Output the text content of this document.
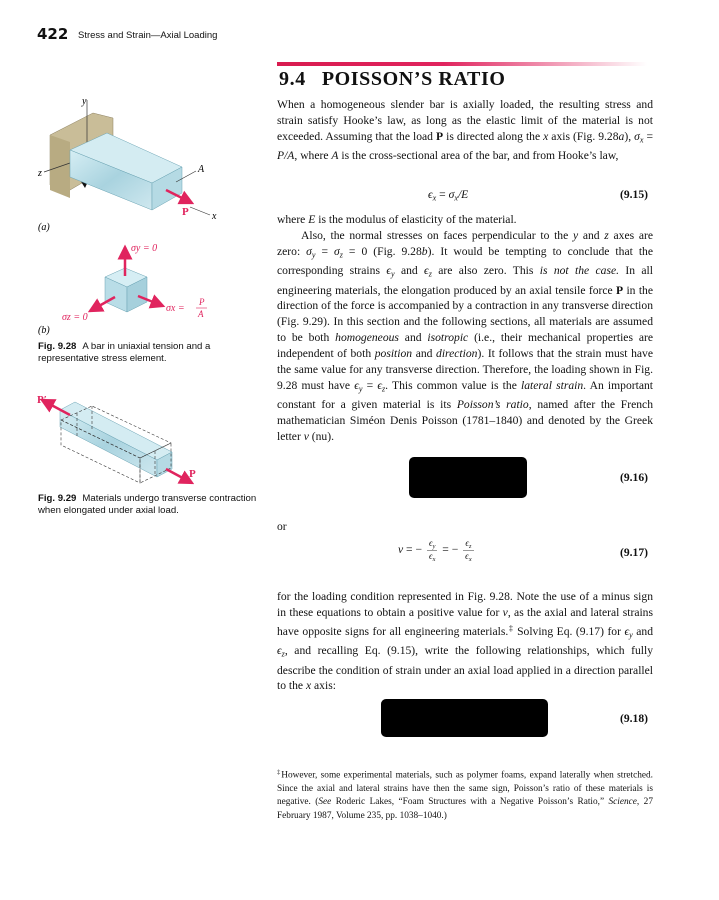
422 Stress and Strain—Axial Loading
9.4 POISSON’S RATIO
When a homogeneous slender bar is axially loaded, the resulting stress and strain satisfy Hooke’s law, as long as the elastic limit of the material is not exceeded. Assuming that the load P is directed along the x axis (Fig. 9.28a), $\sigma_x = P/A$, where A is the cross-sectional area of the bar, and from Hooke’s law,
$\epsilon_x = \sigma_x/E$	(9.15)
where E is the modulus of elasticity of the material.
Also, the normal stresses on faces perpendicular to the y and z axes are zero: $\sigma_y = \sigma_z = 0$ (Fig. 9.28b). It would be tempting to conclude that the corresponding strains $\epsilon_y$ and $\epsilon_z$ are also zero. This is not the case. In all engineering materials, the elongation produced by an axial tensile force P in the direction of the force is accompanied by a contraction in any transverse direction (Fig. 9.29). In this section and the following sections, all materials are assumed to be both homogeneous and isotropic (i.e., their mechanical properties are independent of both position and direction). It follows that the strain must have the same value for any transverse direction. Therefore, the loading shown in Fig. 9.28 must have $\epsilon_y = \epsilon_z$. This common value is the lateral strain. An important constant for a given material is its Poisson’s ratio, named after the French mathematician Siméon Denis Poisson (1781–1840) and denoted by the Greek letter ν (nu).
(9.16)
or
ν = − $\frac{\epsilon_y}{\epsilon_x}$ = − $\frac{\epsilon_z}{\epsilon_x}$	(9.17)
for the loading condition represented in Fig. 9.28. Note the use of a minus sign in these equations to obtain a positive value for ν, as the axial and lateral strains have opposite signs for all engineering materials.‡ Solving Eq. (9.17) for $\epsilon_y$ and $\epsilon_z$, and recalling Eq. (9.15), write the following relationships, which fully describe the condition of strain under an axial load applied in a direction parallel to the x axis:
(9.18)
‡However, some experimental materials, such as polymer foams, expand laterally when stretched. Since the axial and lateral strains have then the same sign, Poisson’s ratio of these materials is negative. (See Roderic Lakes, “Foam Structures with a Negative Poisson’s Ratio,” Science, 27 February 1987, Volume 235, pp. 1038–1040.)
y
z
x
A
P
(a)
σy = 0
σz = 0
σx =
P
A
(b)
P′
P
Fig. 9.28 A bar in uniaxial tension and a representative stress element.
Fig. 9.29 Materials undergo transverse contraction when elongated under axial load.
